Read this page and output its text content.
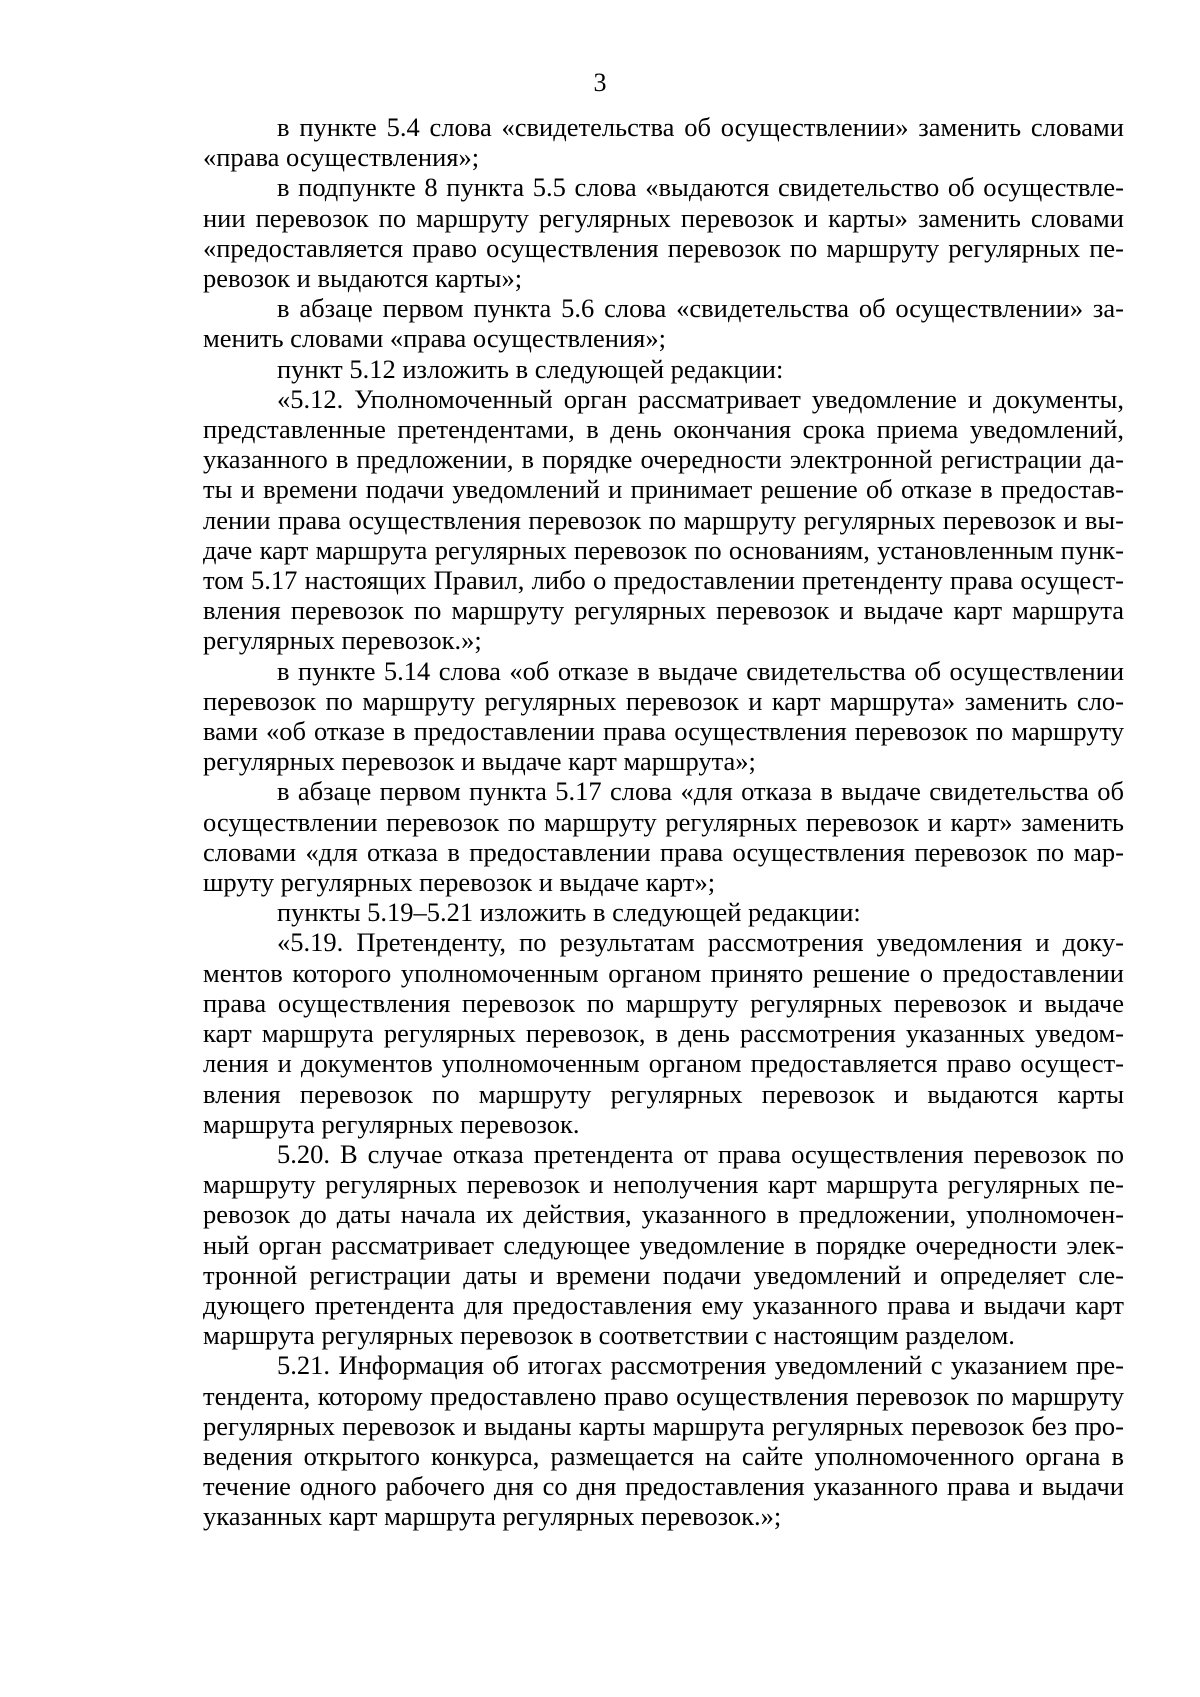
3

в пункте 5.4 слова «свидетельства об осуществлении» заменить словами «права осуществления»;

в подпункте 8 пункта 5.5 слова «выдаются свидетельство об осуществлении перевозок по маршруту регулярных перевозок и карты» заменить словами «предоставляется право осуществления перевозок по маршруту регулярных перевозок и выдаются карты»;

в абзаце первом пункта 5.6 слова «свидетельства об осуществлении» заменить словами «права осуществления»;

пункт 5.12 изложить в следующей редакции:

«5.12. Уполномоченный орган рассматривает уведомление и документы, представленные претендентами, в день окончания срока приема уведомлений, указанного в предложении, в порядке очередности электронной регистрации даты и времени подачи уведомлений и принимает решение об отказе в предоставлении права осуществления перевозок по маршруту регулярных перевозок и выдаче карт маршрута регулярных перевозок по основаниям, установленным пунктом 5.17 настоящих Правил, либо о предоставлении претенденту права осуществления перевозок по маршруту регулярных перевозок и выдаче карт маршрута регулярных перевозок.»;

в пункте 5.14 слова «об отказе в выдаче свидетельства об осуществлении перевозок по маршруту регулярных перевозок и карт маршрута» заменить словами «об отказе в предоставлении права осуществления перевозок по маршруту регулярных перевозок и выдаче карт маршрута»;

в абзаце первом пункта 5.17 слова «для отказа в выдаче свидетельства об осуществлении перевозок по маршруту регулярных перевозок и карт» заменить словами «для отказа в предоставлении права осуществления перевозок по маршруту регулярных перевозок и выдаче карт»;

пункты 5.19–5.21 изложить в следующей редакции:

«5.19. Претенденту, по результатам рассмотрения уведомления и документов которого уполномоченным органом принято решение о предоставлении права осуществления перевозок по маршруту регулярных перевозок и выдаче карт маршрута регулярных перевозок, в день рассмотрения указанных уведомления и документов уполномоченным органом предоставляется право осуществления перевозок по маршруту регулярных перевозок и выдаются карты маршрута регулярных перевозок.

5.20. В случае отказа претендента от права осуществления перевозок по маршруту регулярных перевозок и неполучения карт маршрута регулярных перевозок до даты начала их действия, указанного в предложении, уполномоченный орган рассматривает следующее уведомление в порядке очередности электронной регистрации даты и времени подачи уведомлений и определяет следующего претендента для предоставления ему указанного права и выдачи карт маршрута регулярных перевозок в соответствии с настоящим разделом.

5.21. Информация об итогах рассмотрения уведомлений с указанием претендента, которому предоставлено право осуществления перевозок по маршруту регулярных перевозок и выданы карты маршрута регулярных перевозок без проведения открытого конкурса, размещается на сайте уполномоченного органа в течение одного рабочего дня со дня предоставления указанного права и выдачи указанных карт маршрута регулярных перевозок.»;
